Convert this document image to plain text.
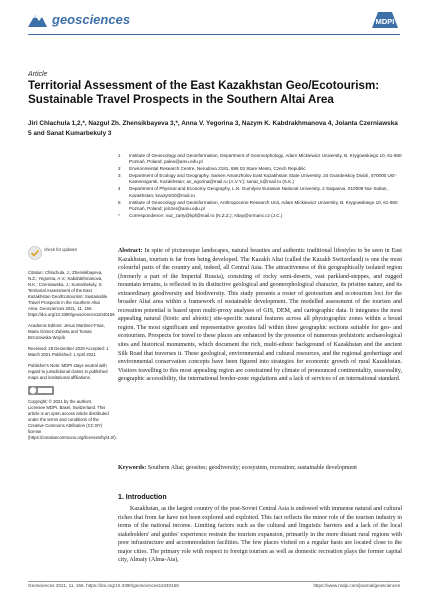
geosciences	MDPI
Article
Territorial Assessment of the East Kazakhstan Geo/Ecotourism: Sustainable Travel Prospects in the Southern Altai Area
Jiri Chlachula 1,2,*, Nazgul Zh. Zhensikbayeva 3,*, Anna V. Yegorina 3, Nazym K. Kabdrakhmanova 4, Jolanta Czerniawska 5 and Sanat Kumarbekuly 3
1 Institute of Geoecology and Geoinformation, Department of Geomorphology, Adam Mickiewicz University, B. Krygowskiego 10, 61-680 Poznań, Poland; paleo@amu.edu.pl
2 Environmental Research Centre, Nerudova 2181, 686 03 Stare Mesto, Czech Republic
3 Department of Ecology and Geography, Sarsen Amanzholov East Kazakhstan State University, 34 Gvardeiskoy Divizii, 070000 Ust'-Kamenogorsk, Kazakhstan; av_egorina@mail.ru (A.V.Y.); sanat_k@mail.ru (S.K.)
4 Department of Physical and Economy Geography, L.N. Gumilyev Eurasian National University, 2 Satpaeva, 010008 Nur-Sultan, Kazakhstan; knazym00@mail.ru
5 Institute of Geoecology and Geoinformation, Anthropocene Research Unit, Adam Mickiewicz University, B. Krygowskiego 10, 61-680 Poznań, Poland; jolczer@amu.edu.pl
* Correspondence: naz_zarty@kpl@mail.ru (N.Z.Z.); Altay@ormanc.cz (J.C.)
check for updates
Citation: Chlachula, J.; Zhensikbayeva, N.Z.; Yegorina, A.V.; Kabdrakhmanova, N.K.; Czerniawska, J.; Kumarbekuly, S. Territorial Assessment of the East Kazakhstan Geo/Ecotourism: Sustainable Travel Prospects in the Southern Altai Area. Geosciences 2021, 11, 156. https://doi.org/10.3390/geosciences11040156
Academic Editors: Jesus Martinez-Frias, Maria Gómez-Zubieta and Tomas Brzozowska-Wojcik
Received: 28 December 2020 Accepted: 1 March 2021 Published: 1 April 2021
Publisher's Note: MDPI stays neutral with regard to jurisdictional claims in published maps and institutional affiliations.
Copyright: © 2021 by the authors. Licensee MDPI, Basel, Switzerland. This article is an open access article distributed under the terms and conditions of the Creative Commons Attribution (CC BY) license (https://creativecommons.org/licenses/by/4.0/).
Abstract: In spite of picturesque landscapes, natural beauties and authentic traditional lifestyles to be seen in East Kazakhstan, tourism is far from being developed. The Kazakh Altai (called the Kazakh Switzerland) is one the most colourful parts of the country and, indeed, all Central Asia. The attractiveness of this geographically isolated region (formerly a part of the Imperial Russia), consisting of rocky semi-deserts, vast parkland-steppes, and rugged mountain terrains, is reflected in its distinctive geological and geomorphological character, its pristine nature, and its extraordinary geodiversity and biodiversity. This study presents a roster of geotourism and ecotourism loci for the broader Altai area within a framework of sustainable development. The modelled assessment of the tourism and recreation potential is based upon multi-proxy analyses of GIS, DEM, and cartographic data. It integrates the most appealing natural (biotic and abiotic) site-specific natural features across all physiographic zones within a broad region. The most significant and representative geosites fall within three geographic sections suitable for geo- and ecotourism. Prospects for travel to these places are enhanced by the presence of numerous prehistoric archaeological sites and historical monuments, which document the rich, multi-ethnic background of Kazakhstan and the ancient Silk Road that traverses it. These geological, environmental and cultural resources, and the regional geoheritage and environmental conservation concepts have been figured into strategies for economic growth of rural Kazakhstan. Visitors travelling to this most appealing region are constrained by climate of pronounced continentality, seasonality, geographic accessibility, the international border-zone regulations and a lack of services of an international standard.
Keywords: Southern Altai; geosites; geodiversity; ecosystem, recreation; sustainable development
1. Introduction
Kazakhstan, as the largest country of the post-Soviet Central Asia is endowed with immense natural and cultural riches that from far have not been explored and exploited. This fact reflects the minor role of the tourism industry in terms of the national income. Limiting factors such as the cultural and linguistic barriers and a lack of the local stakeholders' and guides' experience restrain the tourism expansion, primarily in the more distant rural regions with poor infrastructure and accommodation facilities. The few places visited on a regular basis are located close to the major cities. The primary role with respect to foreign tourism as well as domestic recreation plays the former capital city, Almaty (Alma-Ata),
Geosciences 2021, 11, 156. https://doi.org/10.3390/geosciences11040156	https://www.mdpi.com/journal/geosciences
